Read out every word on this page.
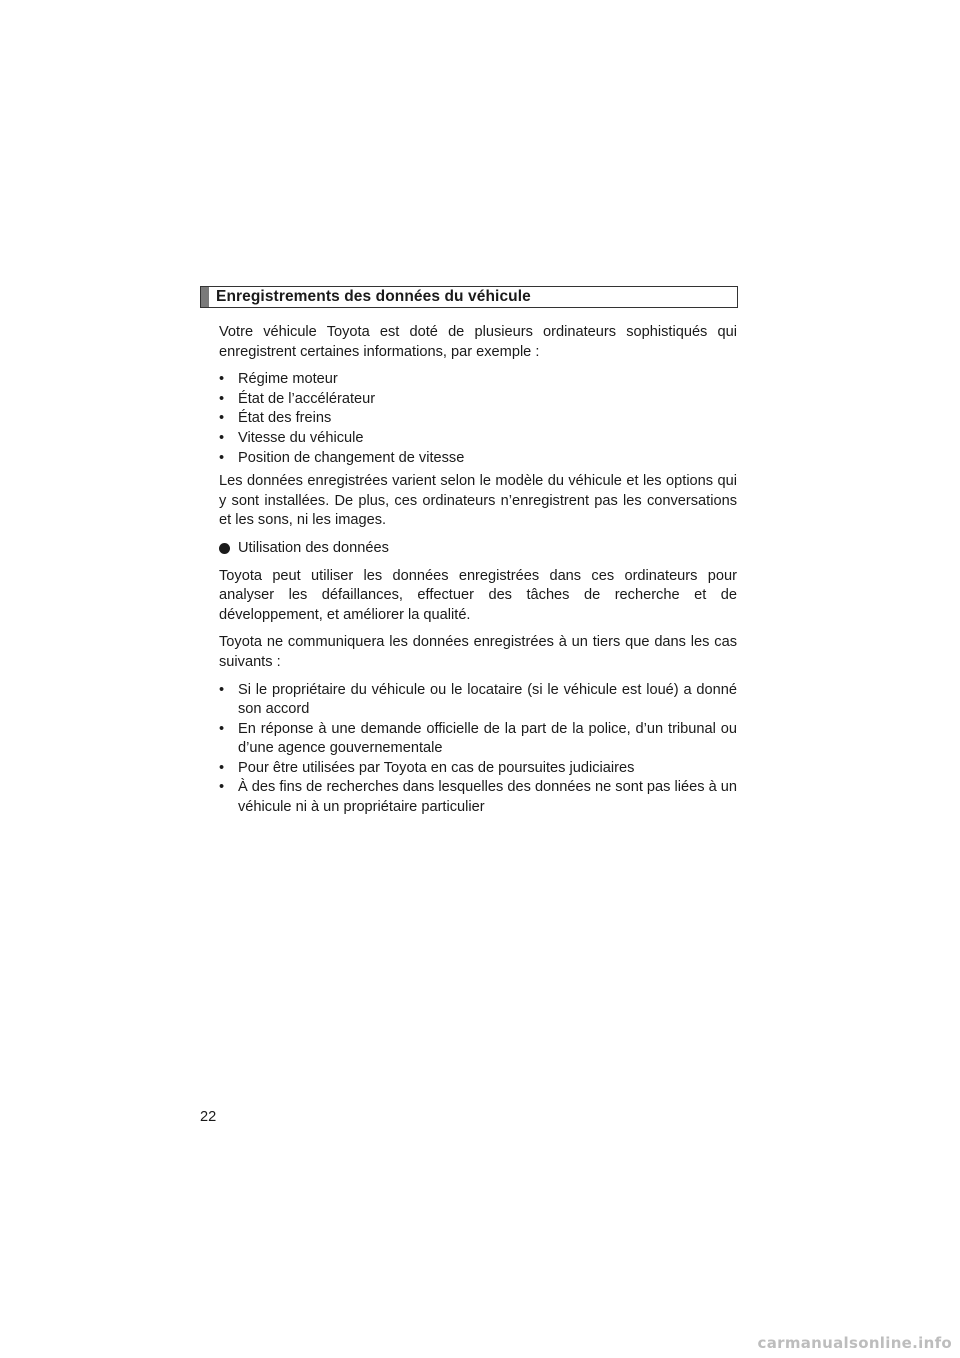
Enregistrements des données du véhicule

Votre véhicule Toyota est doté de plusieurs ordinateurs sophistiqués qui enregistrent certaines informations, par exemple :

• Régime moteur
• État de l’accélérateur
• État des freins
• Vitesse du véhicule
• Position de changement de vitesse

Les données enregistrées varient selon le modèle du véhicule et les options qui y sont installées. De plus, ces ordinateurs n’enregistrent pas les conversations et les sons, ni les images.

Utilisation des données

Toyota peut utiliser les données enregistrées dans ces ordinateurs pour analyser les défaillances, effectuer des tâches de recherche et de développement, et améliorer la qualité.

Toyota ne communiquera les données enregistrées à un tiers que dans les cas suivants :

• Si le propriétaire du véhicule ou le locataire (si le véhicule est loué) a donné son accord
• En réponse à une demande officielle de la part de la police, d’un tribunal ou d’une agence gouvernementale
• Pour être utilisées par Toyota en cas de poursuites judiciaires
• À des fins de recherches dans lesquelles des données ne sont pas liées à un véhicule ni à un propriétaire particulier
22
carmanualsonline.info
